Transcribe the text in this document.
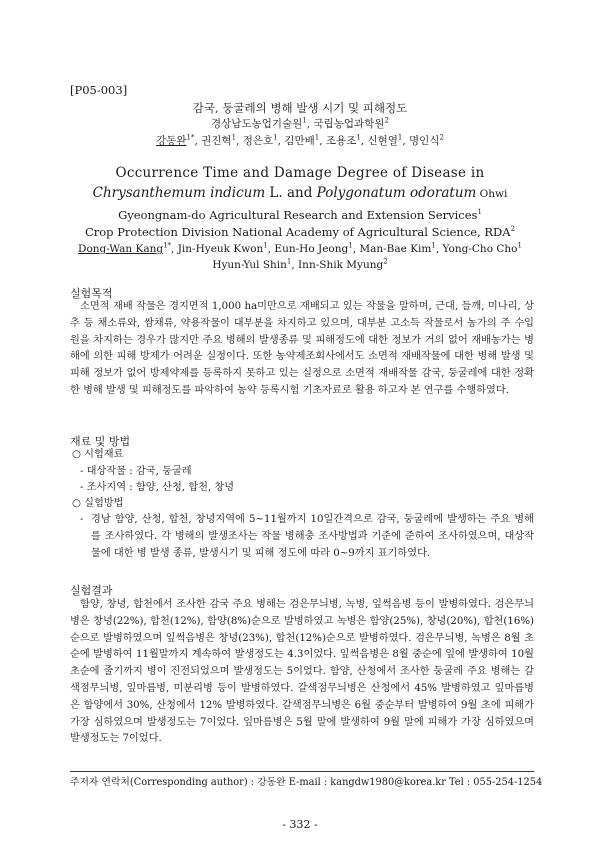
[P05-003]
감국, 둥굴레의 병해 발생 시기 및 피해정도
경상남도농업기술원$^1$, 국립농업과학원$^2$
강동완$^{1*}$, 권진혁$^1$, 정은호$^1$, 김만배$^1$, 조용조$^1$, 신현열$^1$, 명인식$^2$
Occurrence Time and Damage Degree of Disease in
Chrysanthemum indicum L. and Polygonatum odoratum Ohwi
Gyeongnam-do Agricultural Research and Extension Services$^1$
Crop Protection Division National Academy of Agricultural Science, RDA$^2$
Dong-Wan Kang$^{1*}$, Jin-Hyeuk Kwon$^1$, Eun-Ho Jeong$^1$, Man-Bae Kim$^1$, Yong-Cho Cho$^1$
Hyun-Yul Shin$^1$, Inn-Shik Myung$^2$
실험목적

소면적 재배 작물은 경지면적 1,000 ha미만으로 재배되고 있는 작물을 말하며, 근대, 들깨, 미나리, 상추 등 채소류와, 쌈채류, 약용작물이 대부분을 차지하고 있으며, 대부분 고소득 작물로서 농가의 주 수입원을 차지하는 경우가 많지만 주요 병해의 발생종류 및 피해정도에 대한 정보가 거의 없어 재배농가는 병해에 의한 피해 방제가 어려운 실정이다. 또한 농약제조회사에서도 소면적 재배작물에 대한 병해 발생 및 피해 정보가 없어 방제약제를 등록하지 못하고 있는 실정으로 소면적 재배작물 감국, 둥굴레에 대한 정확한 병해 발생 및 피해정도를 파악하여 농약 등록시험 기초자료로 활용 하고자 본 연구를 수행하였다.

재료 및 방법
○ 시험재료
- 대상작물 : 감국, 둥굴레
- 조사지역 : 함양, 산청, 합천, 창녕
○ 실험방법
- 경남 함양, 산청, 합천, 창녕지역에 5~11월까지 10일간격으로 감국, 둥굴레에 발생하는 주요 병해를 조사하였다. 각 병해의 발생조사는 작물 병해충 조사방법과 기준에 준하여 조사하였으며, 대상작물에 대한 병 발생 종류, 발생시기 및 피해 정도에 따라 0~9까지 표기하였다.

실험결과

함양, 창녕, 합천에서 조사한 감국 주요 병해는 검은무늬병, 녹병, 잎썩음병 등이 발병하였다. 검은무늬병은 창녕(22%), 합천(12%), 함양(8%)순으로 발병하였고 녹병은 함양(25%), 창녕(20%), 합천(16%)순으로 발병하였으며 잎썩음병은 창녕(23%), 합천(12%)순으로 발병하였다. 검은무늬병, 녹병은 8월 초순에 발병하여 11월말까지 계속하여 발생정도는 4.3이었다. 잎썩음병은 8월 중순에 잎에 발생하여 10월 초순에 줄기까지 병이 진전되었으며 발생정도는 5이었다. 함양, 산청에서 조사한 둥굴레 주요 병해는 갈색점무늬병, 잎마름병, 미분리병 등이 발병하였다. 갈색점무늬병은 산청에서 45% 발병하였고 잎마름병은 함양에서 30%, 산청에서 12% 발병하였다. 갈색점무늬병은 6월 중순부터 발병하여 9월 초에 피해가 가장 심하였으며 발생정도는 7이었다. 잎마름병은 5월 말에 발생하여 9월 말에 피해가 가장 심하였으며 발생정도는 7이었다.

주저자 연락처(Corresponding author) : 강동완 E-mail : kangdw1980@korea.kr Tel : 055-254-1254
- 332 -
